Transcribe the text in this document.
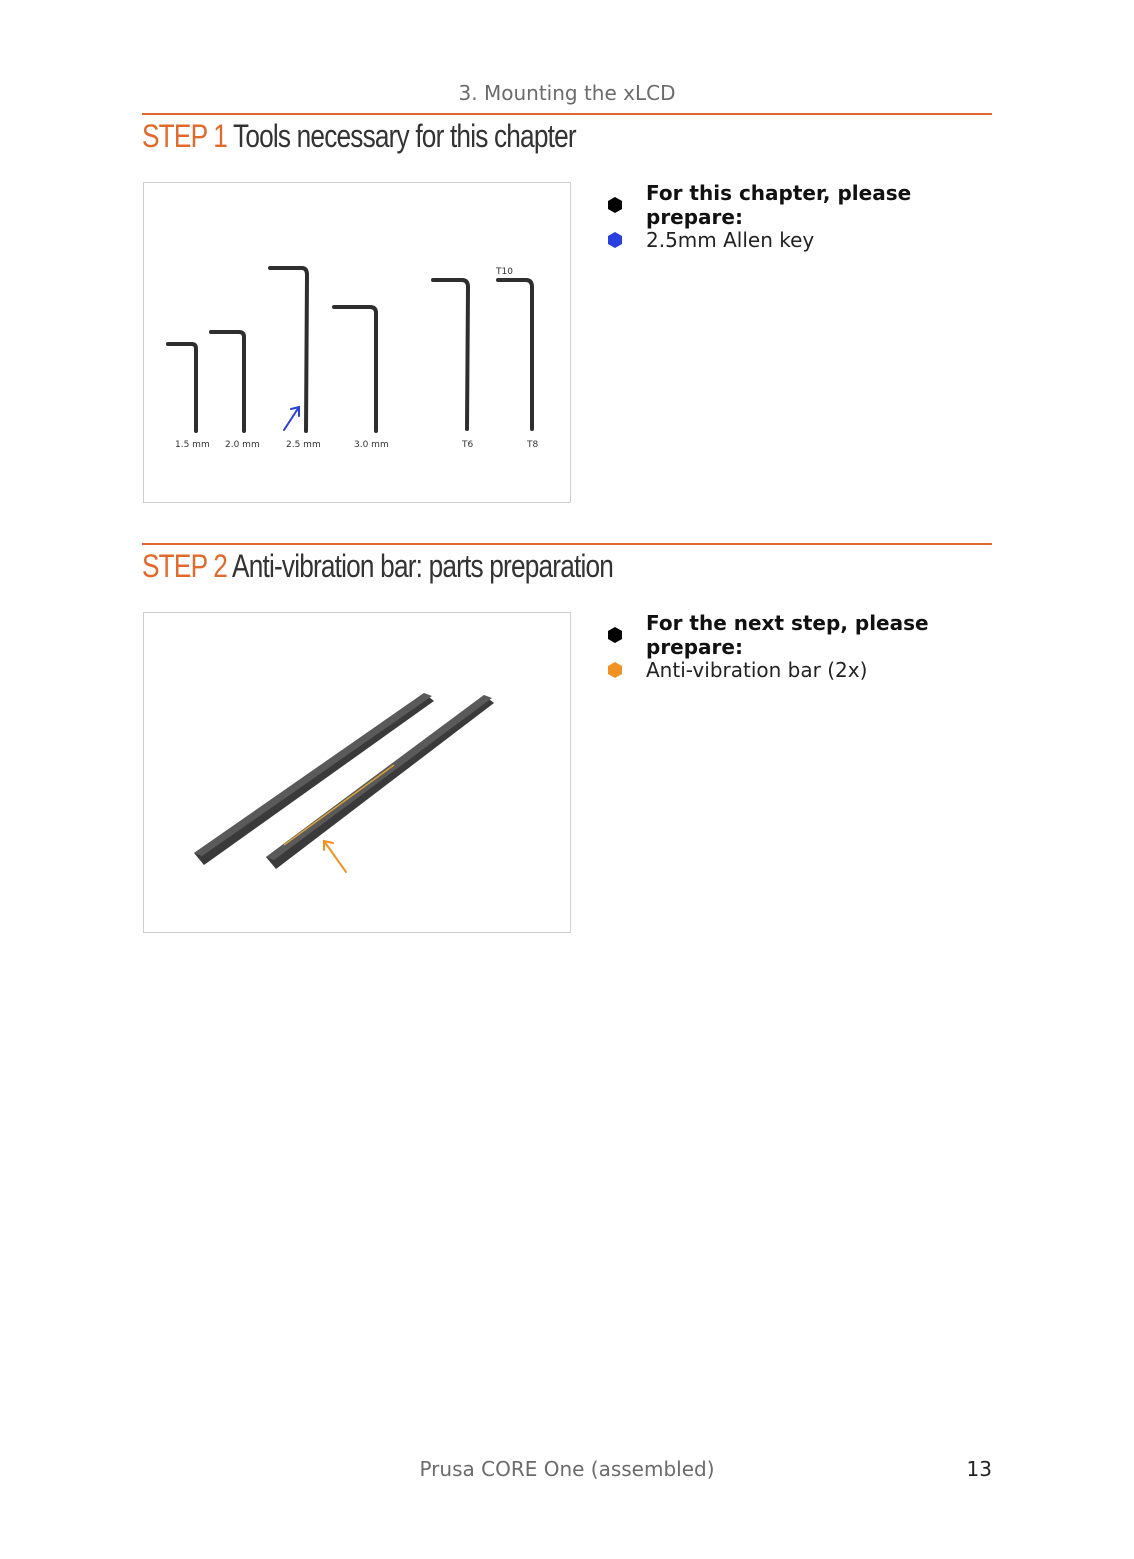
3. Mounting the xLCD
STEP 1 Tools necessary for this chapter
1.5 mm 2.0 mm	2.5 mm	3.0 mm	T6	T8
T10
For this chapter, please prepare:
2.5mm Allen key
STEP 2 Anti-vibration bar: parts preparation
For the next step, please prepare:
Anti-vibration bar (2x)
Prusa CORE One (assembled)	13
